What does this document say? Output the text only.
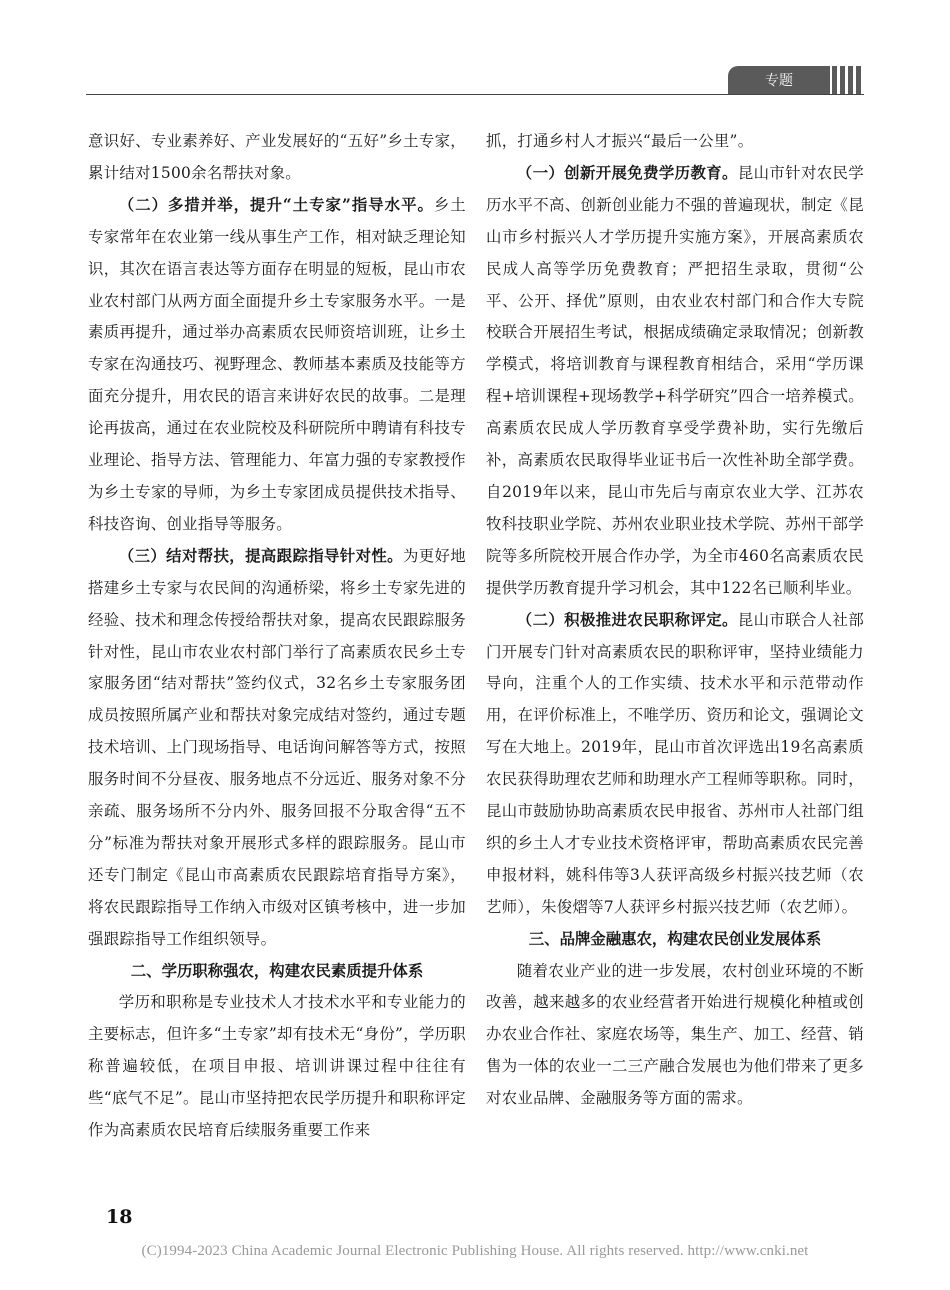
专题

意识好、专业素养好、产业发展好的“五好”乡土专家，累计结对1500余名帮扶对象。

（二）多措并举，提升“土专家”指导水平。乡土专家常年在农业第一线从事生产工作，相对缺乏理论知识，其次在语言表达等方面存在明显的短板，昆山市农业农村部门从两方面全面提升乡土专家服务水平。一是素质再提升，通过举办高素质农民师资培训班，让乡土专家在沟通技巧、视野理念、教师基本素质及技能等方面充分提升，用农民的语言来讲好农民的故事。二是理论再拔高，通过在农业院校及科研院所中聘请有科技专业理论、指导方法、管理能力、年富力强的专家教授作为乡土专家的导师，为乡土专家团成员提供技术指导、科技咨询、创业指导等服务。

（三）结对帮扶，提高跟踪指导针对性。为更好地搭建乡土专家与农民间的沟通桥梁，将乡土专家先进的经验、技术和理念传授给帮扶对象，提高农民跟踪服务针对性，昆山市农业农村部门举行了高素质农民乡土专家服务团“结对帮扶”签约仪式，32名乡土专家服务团成员按照所属产业和帮扶对象完成结对签约，通过专题技术培训、上门现场指导、电话询问解答等方式，按照服务时间不分昼夜、服务地点不分远近、服务对象不分亲疏、服务场所不分内外、服务回报不分取舍得“五不分”标准为帮扶对象开展形式多样的跟踪服务。昆山市还专门制定《昆山市高素质农民跟踪培育指导方案》，将农民跟踪指导工作纳入市级对区镇考核中，进一步加强跟踪指导工作组织领导。

二、学历职称强农，构建农民素质提升体系

学历和职称是专业技术人才技术水平和专业能力的主要标志，但许多“土专家”却有技术无“身份”，学历职称普遍较低，在项目申报、培训讲课过程中往往有些“底气不足”。昆山市坚持把农民学历提升和职称评定作为高素质农民培育后续服务重要工作来

抓，打通乡村人才振兴“最后一公里”。

（一）创新开展免费学历教育。昆山市针对农民学历水平不高、创新创业能力不强的普遍现状，制定《昆山市乡村振兴人才学历提升实施方案》，开展高素质农民成人高等学历免费教育；严把招生录取，贯彻“公平、公开、择优”原则，由农业农村部门和合作大专院校联合开展招生考试，根据成绩确定录取情况；创新教学模式，将培训教育与课程教育相结合，采用“学历课程+培训课程+现场教学+科学研究”四合一培养模式。高素质农民成人学历教育享受学费补助，实行先缴后补，高素质农民取得毕业证书后一次性补助全部学费。自2019年以来，昆山市先后与南京农业大学、江苏农牧科技职业学院、苏州农业职业技术学院、苏州干部学院等多所院校开展合作办学，为全市460名高素质农民提供学历教育提升学习机会，其中122名已顺利毕业。

（二）积极推进农民职称评定。昆山市联合人社部门开展专门针对高素质农民的职称评审，坚持业绩能力导向，注重个人的工作实绩、技术水平和示范带动作用，在评价标准上，不唯学历、资历和论文，强调论文写在大地上。2019年，昆山市首次评选出19名高素质农民获得助理农艺师和助理水产工程师等职称。同时，昆山市鼓励协助高素质农民申报省、苏州市人社部门组织的乡土人才专业技术资格评审，帮助高素质农民完善申报材料，姚科伟等3人获评高级乡村振兴技艺师（农艺师），朱俊熠等7人获评乡村振兴技艺师（农艺师）。

三、品牌金融惠农，构建农民创业发展体系

随着农业产业的进一步发展，农村创业环境的不断改善，越来越多的农业经营者开始进行规模化种植或创办农业合作社、家庭农场等，集生产、加工、经营、销售为一体的农业一二三产融合发展也为他们带来了更多对农业品牌、金融服务等方面的需求。

18
(C)1994-2023 China Academic Journal Electronic Publishing House. All rights reserved. http://www.cnki.net
